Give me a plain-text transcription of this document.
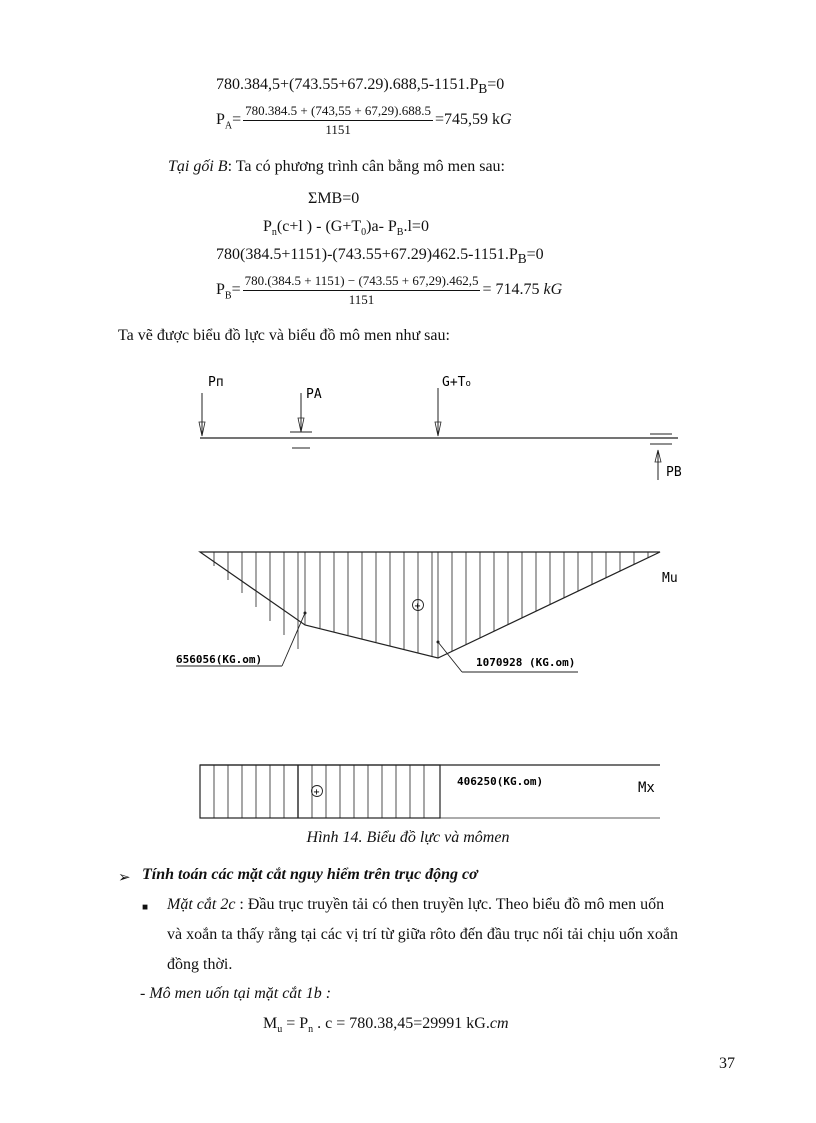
$780.384,5+(743.55+67.29).688,5-1151.P_B=0$
$P_A= \frac{780.384.5 + (743,55 + 67,29).688.5}{1151} =745,59$ kG
Tại gối B: Ta có phương trình cân bằng mô men sau:
ΣMB=0
$P_n(c+l$ ) - $(G+T_0)a-$ $P_B.l=0$
$780(384.5+1151)-(743.55+67.29)462.5-1151.P_B=0$
$P_B= \frac{780.(384.5 + 1151) - (743.55 + 67,29).462,5}{1151} = 714.75$ kG
Ta vẽ được biểu đồ lực và biểu đồ mô men như sau:
Pп
PA
G+To
PB
+
Mu
656056(KG.om)	1070928 (KG.om)
+
406250(KG.om)	Mx
Hình 14. Biểu đồ lực và mômen
➢ Tính toán các mặt cắt nguy hiểm trên trục động cơ
■ Mặt cắt 2c : Đầu trục truyền tải có then truyền lực. Theo biểu đồ mô men uốn
và xoắn ta thấy rằng tại các vị trí từ giữa rôto đến đầu trục nối tải chịu uốn xoắn
đồng thời.
- Mô men uốn tại mặt cắt 1b :
$M_u = P_n$ . c = 780.38,45=29991 kG.cm
37
